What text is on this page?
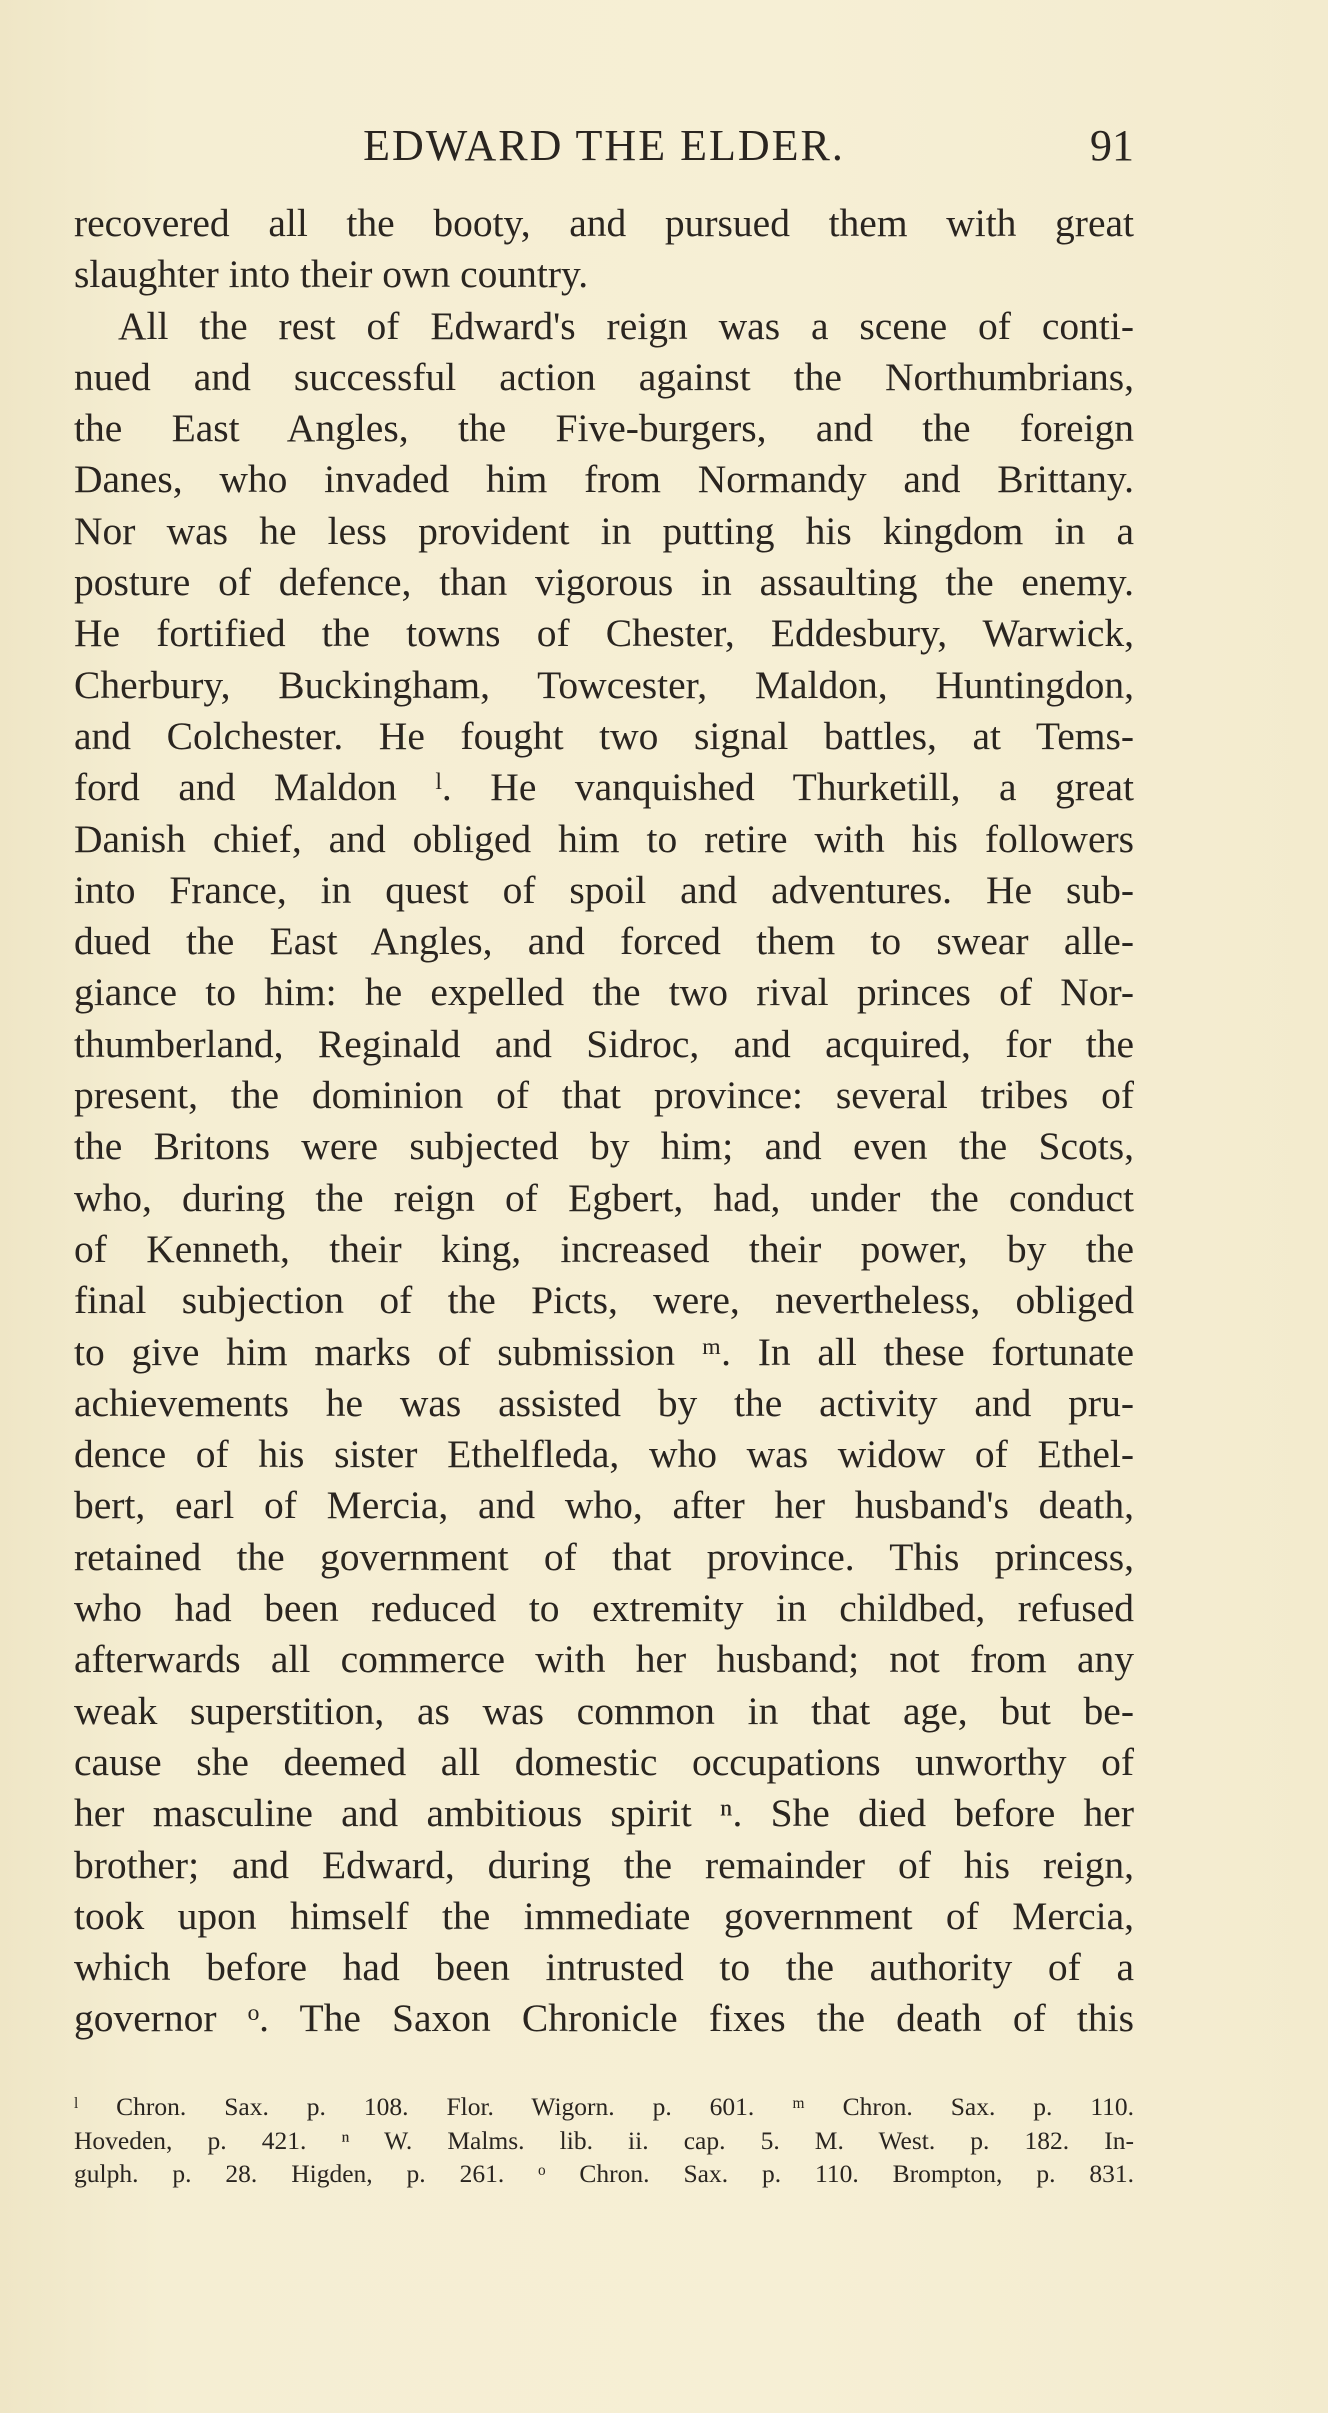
EDWARD THE ELDER.	91
recovered all the booty, and pursued them with great
slaughter into their own country.
All the rest of Edward's reign was a scene of conti-
nued and successful action against the Northumbrians,
the East Angles, the Five-burgers, and the foreign
Danes, who invaded him from Normandy and Brittany.
Nor was he less provident in putting his kingdom in a
posture of defence, than vigorous in assaulting the enemy.
He fortified the towns of Chester, Eddesbury, Warwick,
Cherbury, Buckingham, Towcester, Maldon, Huntingdon,
and Colchester. He fought two signal battles, at Tems-
ford and Maldon ˡ. He vanquished Thurketill, a great
Danish chief, and obliged him to retire with his followers
into France, in quest of spoil and adventures. He sub-
dued the East Angles, and forced them to swear alle-
giance to him: he expelled the two rival princes of Nor-
thumberland, Reginald and Sidroc, and acquired, for the
present, the dominion of that province: several tribes of
the Britons were subjected by him; and even the Scots,
who, during the reign of Egbert, had, under the conduct
of Kenneth, their king, increased their power, by the
final subjection of the Picts, were, nevertheless, obliged
to give him marks of submission ᵐ. In all these fortunate
achievements he was assisted by the activity and pru-
dence of his sister Ethelfleda, who was widow of Ethel-
bert, earl of Mercia, and who, after her husband's death,
retained the government of that province. This princess,
who had been reduced to extremity in childbed, refused
afterwards all commerce with her husband; not from any
weak superstition, as was common in that age, but be-
cause she deemed all domestic occupations unworthy of
her masculine and ambitious spirit ⁿ. She died before her
brother; and Edward, during the remainder of his reign,
took upon himself the immediate government of Mercia,
which before had been intrusted to the authority of a
governor ᵒ. The Saxon Chronicle fixes the death of this
ˡ Chron. Sax. p. 108. Flor. Wigorn. p. 601. ᵐ Chron. Sax. p. 110.
Hoveden, p. 421. ⁿ W. Malms. lib. ii. cap. 5. M. West. p. 182. In-
gulph. p. 28. Higden, p. 261. ᵒ Chron. Sax. p. 110. Brompton, p. 831.
